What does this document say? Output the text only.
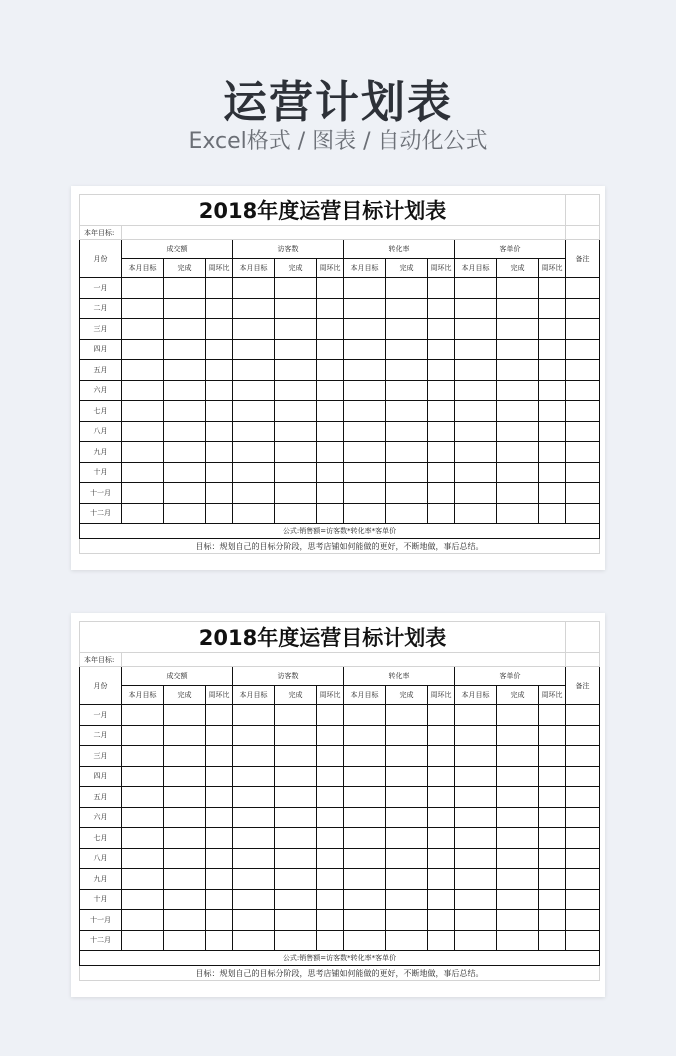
运营计划表
Excel格式 / 图表 / 自动化公式
2018年度运营目标计划表													
本年目标:													
月份	成交额			访客数			转化率			客单价			备注
	本月目标	完成	周环比	本月目标	完成	周环比	本月目标	完成	周环比	本月目标	完成	周环比	
一月													
二月													
三月													
四月													
五月													
六月													
七月													
八月													
九月													
十月													
十一月													
十二月													
公式:销售额=访客数*转化率*客单价													
目标：规划自己的目标分阶段，思考店铺如何能做的更好，不断地做，事后总结。													
2018年度运营目标计划表													
本年目标:													
月份	成交额			访客数			转化率			客单价			备注
	本月目标	完成	周环比	本月目标	完成	周环比	本月目标	完成	周环比	本月目标	完成	周环比	
一月													
二月													
三月													
四月													
五月													
六月													
七月													
八月													
九月													
十月													
十一月													
十二月													
公式:销售额=访客数*转化率*客单价													
目标：规划自己的目标分阶段，思考店铺如何能做的更好，不断地做，事后总结。													
